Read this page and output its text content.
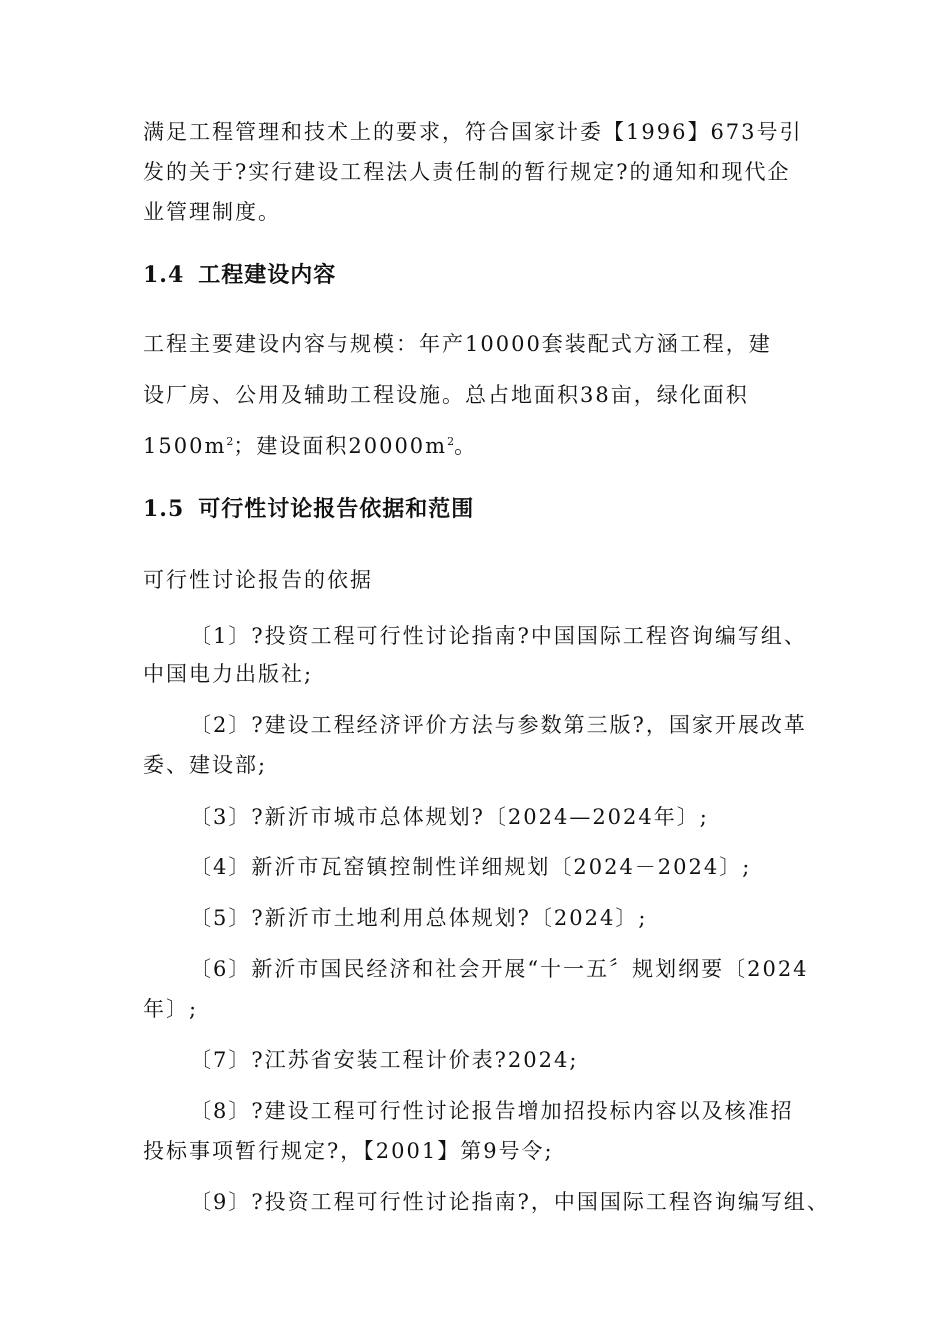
满足工程管理和技术上的要求，符合国家计委【1996】673号引
发的关于?实行建设工程法人责任制的暂行规定?的通知和现代企
业管理制度。
1.4 工程建设内容
工程主要建设内容与规模：年产10000套装配式方涵工程，建
设厂房、公用及辅助工程设施。总占地面积38亩，绿化面积
$1500m^2$；建设面积$20000m^2$。
1.5 可行性讨论报告依据和范围
可行性讨论报告的依据
〔1〕?投资工程可行性讨论指南?中国国际工程咨询编写组、
中国电力出版社;
〔2〕?建设工程经济评价方法与参数第三版?，国家开展改革
委、建设部;
〔3〕?新沂市城市总体规划?〔2024—2024年〕;
〔4〕新沂市瓦窑镇控制性详细规划〔2024－2024〕;
〔5〕?新沂市土地利用总体规划?〔2024〕;
〔6〕新沂市国民经济和社会开展“十一五〞规划纲要〔2024
年〕;
〔7〕?江苏省安装工程计价表?2024;
〔8〕?建设工程可行性讨论报告增加招投标内容以及核准招
投标事项暂行规定?，【2001】第9号令;
〔9〕?投资工程可行性讨论指南?，中国国际工程咨询编写组、
